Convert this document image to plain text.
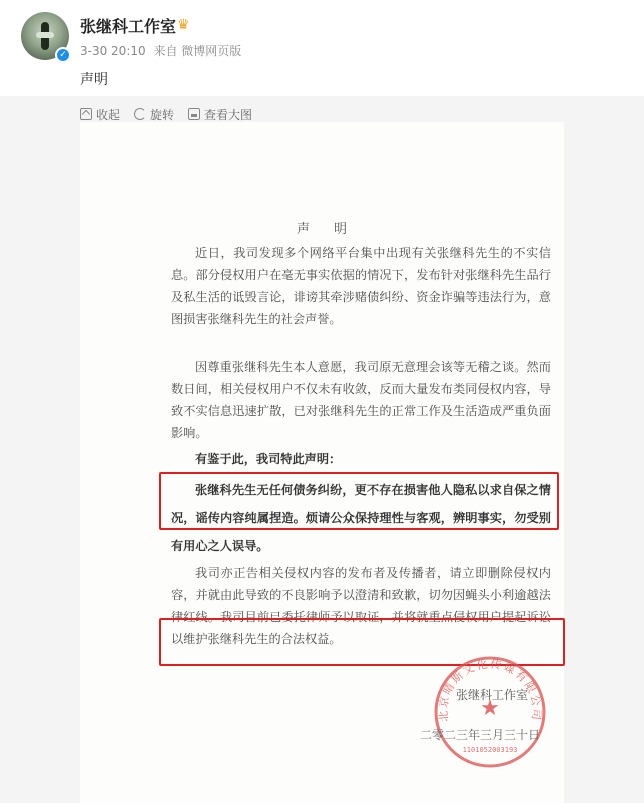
✓
张继科工作室 ♛
3-30 20:10 来自 微博网页版
声明
收起	旋转	查看大图
声明
近日，我司发现多个网络平台集中出现有关张继科先生的不实信息。部分侵权用户在毫无事实依据的情况下，发布针对张继科先生品行及私生活的诋毁言论，诽谤其牵涉赌债纠纷、资金诈骗等违法行为，意图损害张继科先生的社会声誉。
因尊重张继科先生本人意愿，我司原无意理会该等无稽之谈。然而数日间，相关侵权用户不仅未有收敛，反而大量发布类同侵权内容，导致不实信息迅速扩散，已对张继科先生的正常工作及生活造成严重负面影响。
有鉴于此，我司特此声明：
张继科先生无任何债务纠纷，更不存在损害他人隐私以求自保之情况，谣传内容纯属捏造。烦请公众保持理性与客观，辨明事实，勿受别有用心之人误导。
我司亦正告相关侵权内容的发布者及传播者，请立即删除侵权内容，并就由此导致的不良影响予以澄清和致歉，切勿因蝇头小利逾越法律红线。我司目前已委托律师予以取证，并将就重点侵权用户提起诉讼以维护张继科先生的合法权益。
北京晴斯文化传媒有限公司
★
1101052003193
张继科工作室
二零二三年三月三十日
